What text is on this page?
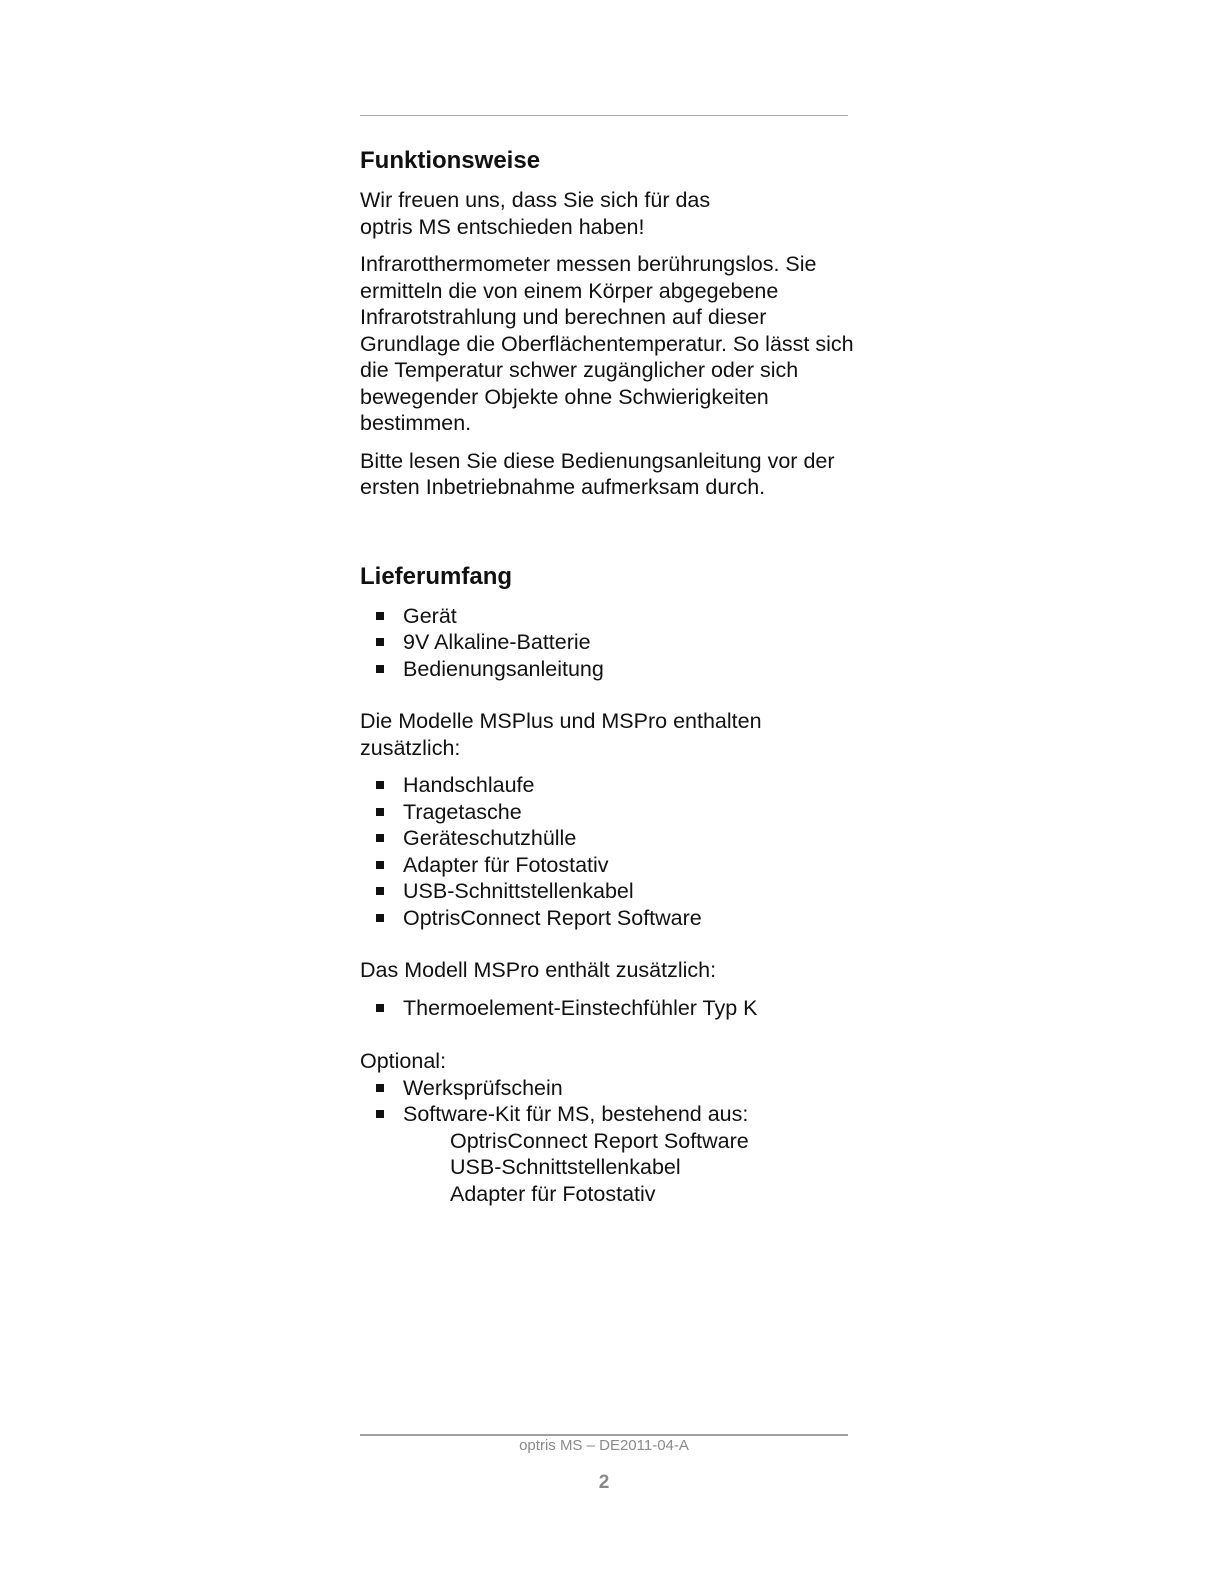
Funktionsweise

Wir freuen uns, dass Sie sich für das
optris MS entschieden haben!

Infrarotthermometer messen berührungslos. Sie ermitteln die von einem Körper abgegebene Infrarotstrahlung und berechnen auf dieser Grundlage die Oberflächentemperatur. So lässt sich die Temperatur schwer zugänglicher oder sich bewegender Objekte ohne Schwierigkeiten bestimmen.

Bitte lesen Sie diese Bedienungsanleitung vor der ersten Inbetriebnahme aufmerksam durch.

Lieferumfang
Gerät
9V Alkaline-Batterie
Bedienungsanleitung

Die Modelle MSPlus und MSPro enthalten zusätzlich:

Handschlaufe
Tragetasche
Geräteschutzhülle
Adapter für Fotostativ
USB-Schnittstellenkabel
OptrisConnect Report Software

Das Modell MSPro enthält zusätzlich:

Thermoelement-Einstechfühler Typ K

Optional:

Werksprüfschein
Software-Kit für MS, bestehend aus:
OptrisConnect Report Software
USB-Schnittstellenkabel
Adapter für Fotostativ
optris MS – DE2011-04-A
2
